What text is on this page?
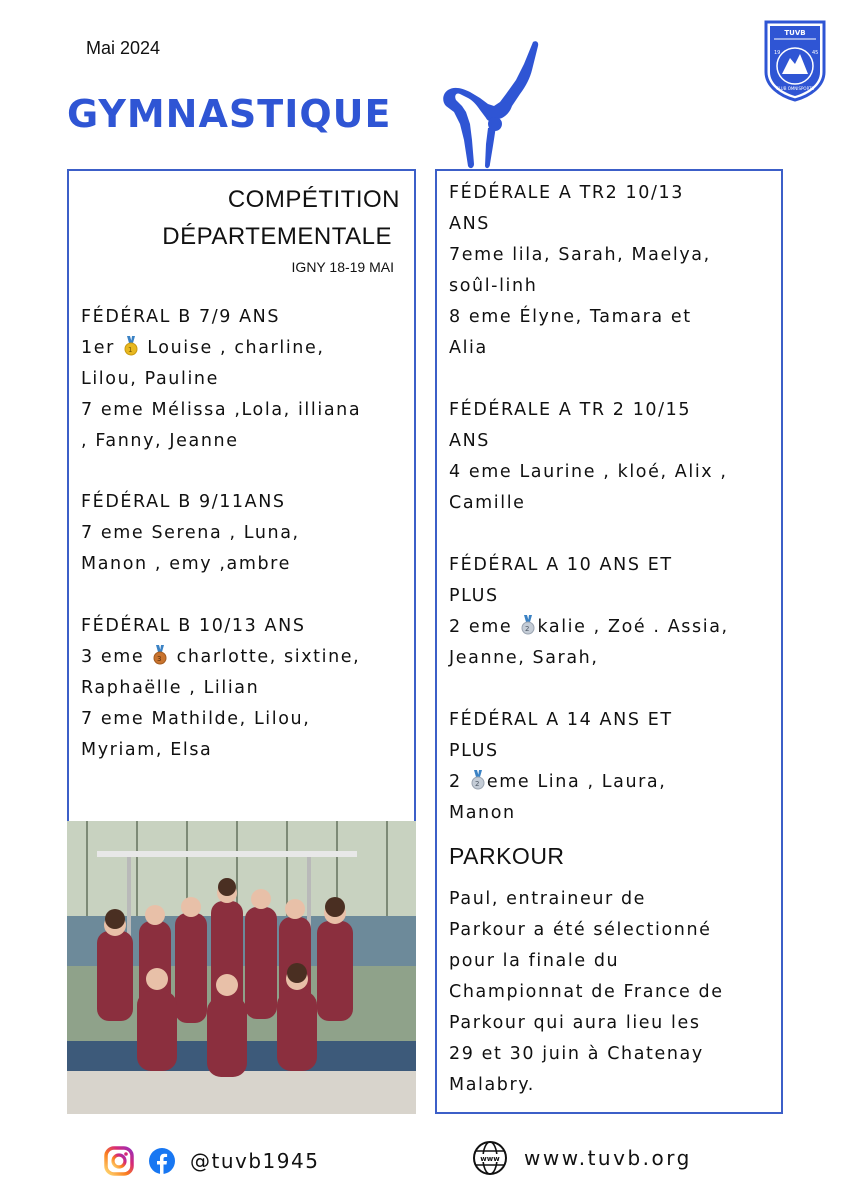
Mai 2024
GYMNASTIQUE
TUVB
19	45
CLUB OMNISPORTS
COMPÉTITION
DÉPARTEMENTALE
IGNY 18-19 MAI
FÉDÉRAL B 7/9 ANS
1er 1 Louise , charline,
Lilou, Pauline
7 eme Mélissa ,Lola, illiana
, Fanny, Jeanne
FÉDÉRAL B 9/11ANS
7 eme Serena , Luna,
Manon , emy ,ambre
FÉDÉRAL B 10/13 ANS
3 eme 3 charlotte, sixtine,
Raphaëlle , Lilian
7 eme Mathilde, Lilou,
Myriam, Elsa
FÉDÉRALE A TR2 10/13
ANS
7eme lila, Sarah, Maelya,
soûl-linh
8 eme Élyne, Tamara et
Alia
FÉDÉRALE A TR 2 10/15
ANS
4 eme Laurine , kloé, Alix ,
Camille
FÉDÉRAL A 10 ANS ET
PLUS
2 eme 2 kalie , Zoé . Assia,
Jeanne, Sarah,
FÉDÉRAL A 14 ANS ET
PLUS
2 2 eme Lina , Laura,
Manon
PARKOUR
Paul, entraineur de
Parkour a été sélectionné
pour la finale du
Championnat de France de
Parkour qui aura lieu les
29 et 30 juin à Chatenay
Malabry.
@tuvb1945	www www.tuvb.org
